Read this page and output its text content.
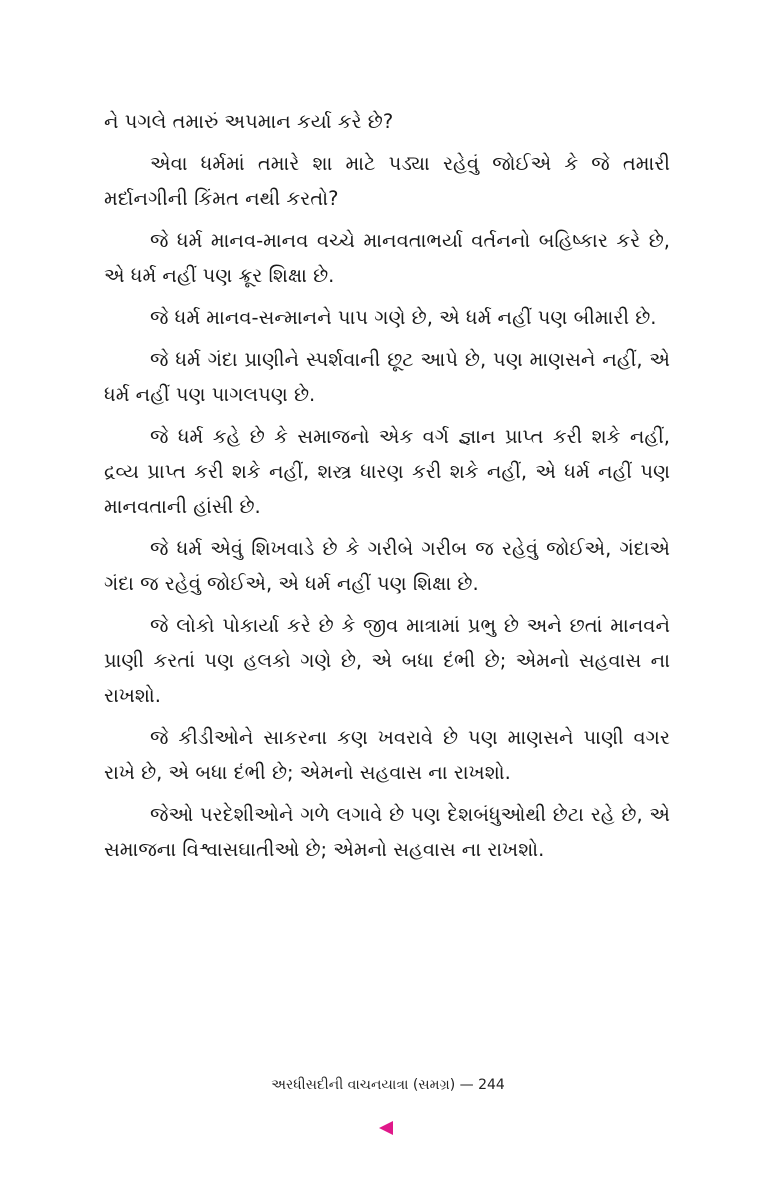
ને પગલે તમારું અપમાન કર્યા કરે છે?

એવા ધર્મમાં તમારે શા માટે પડ્યા રહેવું જોઈએ કે જે તમારી મર્દાનગીની કિંમત નથી કરતો?

જે ધર્મ માનવ-માનવ વચ્ચે માનવતાભર્યા વર્તનનો બહિષ્કાર કરે છે, એ ધર્મ નહીં પણ ક્રૂર શિક્ષા છે.

જે ધર્મ માનવ-સન્માનને પાપ ગણે છે, એ ધર્મ નહીં પણ બીમારી છે.

જે ધર્મ ગંદા પ્રાણીને સ્પર્શવાની છૂટ આપે છે, પણ માણસને નહીં, એ ધર્મ નહીં પણ પાગલપણ છે.

જે ધર્મ કહે છે કે સમાજનો એક વર્ગ જ્ઞાન પ્રાપ્ત કરી શકે નહીં, દ્રવ્ય પ્રાપ્ત કરી શકે નહીં, શસ્ત્ર ધારણ કરી શકે નહીં, એ ધર્મ નહીં પણ માનવતાની હાંસી છે.

જે ધર્મ એવું શિખવાડે છે કે ગરીબે ગરીબ જ રહેવું જોઈએ, ગંદાએ ગંદા જ રહેવું જોઈએ, એ ધર્મ નહીં પણ શિક્ષા છે.

જે લોકો પોકાર્યા કરે છે કે જીવ માત્રામાં પ્રભુ છે અને છતાં માનવને પ્રાણી કરતાં પણ હલકો ગણે છે, એ બધા દંભી છે; એમનો સહવાસ ના રાખશો.

જે કીડીઓને સાકરના કણ ખવરાવે છે પણ માણસને પાણી વગર રાખે છે, એ બધા દંભી છે; એમનો સહવાસ ના રાખશો.

જેઓ પરદેશીઓને ગળે લગાવે છે પણ દેશબંધુઓથી છેટા રહે છે, એ સમાજના વિશ્વાસઘાતીઓ છે; એમનો સહવાસ ના રાખશો.

અરધીસદીની વાચનયાત્રા (સમગ્ર) — 244
